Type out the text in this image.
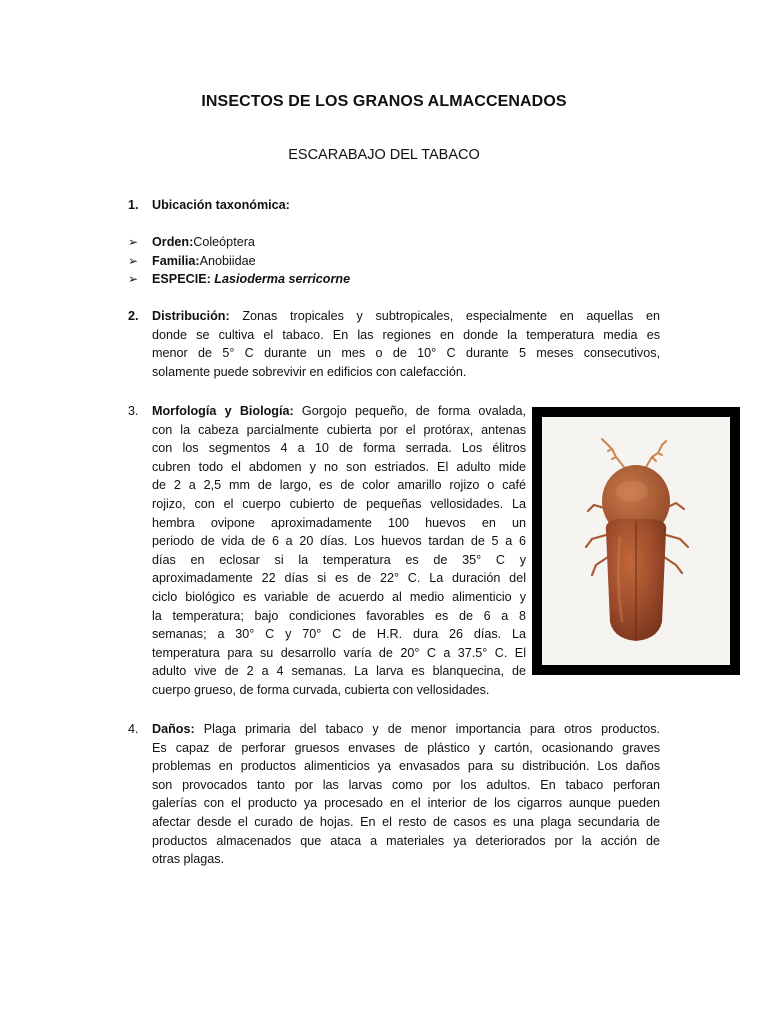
INSECTOS DE LOS GRANOS ALMACCENADOS
ESCARABAJO DEL TABACO
1. Ubicación taxonómica:
➢	Orden: Coleóptera
➢	Familia: Anobiidae
➢	ESPECIE:
Lasioderma serricorne
2. Distribución: Zonas tropicales y subtropicales, especialmente en aquellas en
donde se cultiva el tabaco. En las regiones en donde la temperatura media es
menor de 5° C durante un mes o de 10° C durante 5 meses consecutivos,
solamente puede sobrevivir en edificios con calefacción.
3. Morfología y Biología: Gorgojo pequeño, de forma ovalada,
con la cabeza parcialmente cubierta por el protórax, antenas
con los segmentos 4 a 10 de forma serrada. Los élitros
cubren todo el abdomen y no son estriados. El adulto mide
de 2 a 2,5 mm de largo, es de color amarillo rojizo o café
rojizo, con el cuerpo cubierto de pequeñas vellosidades. La
hembra ovipone aproximadamente 100 huevos en un
periodo de vida de 6 a 20 días. Los huevos tardan de 5 a 6
días en eclosar si la temperatura es de 35° C y
aproximadamente 22 días si es de 22° C. La duración del
ciclo biológico es variable de acuerdo al medio alimenticio y
la temperatura; bajo condiciones favorables es de 6 a 8
semanas; a 30° C y 70° C de H.R. dura 26 días. La
temperatura para su desarrollo varía de 20° C a 37.5° C. El
adulto vive de 2 a 4 semanas. La larva es blanquecina, de
cuerpo grueso, de forma curvada, cubierta con vellosidades.
4. Daños: Plaga primaria del tabaco y de menor importancia para otros productos.
Es capaz de perforar gruesos envases de plástico y cartón, ocasionando graves
problemas en productos alimenticios ya envasados para su distribución. Los daños
son provocados tanto por las larvas como por los adultos. En tabaco perforan
galerías con el producto ya procesado en el interior de los cigarros aunque pueden
afectar desde el curado de hojas. En el resto de casos es una plaga secundaria de
productos almacenados que ataca a materiales ya deteriorados por la acción de
otras plagas.
